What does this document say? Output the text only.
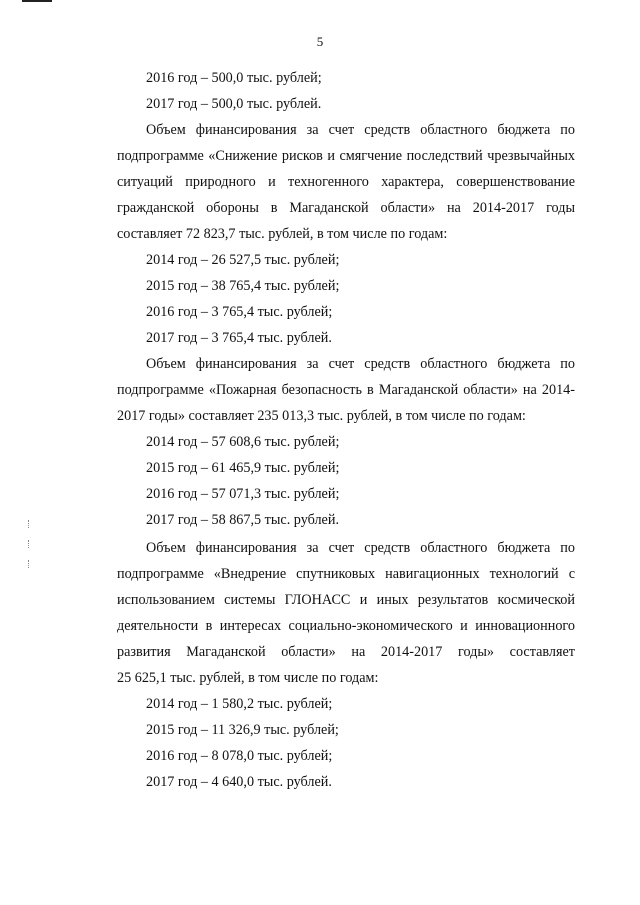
5
2016 год – 500,0 тыс. рублей;
2017 год – 500,0 тыс. рублей.
Объем финансирования за счет средств областного бюджета по
подпрограмме «Снижение рисков и смягчение последствий чрезвычайных
ситуаций природного и техногенного характера, совершенствование
гражданской обороны в Магаданской области» на 2014-2017 годы
составляет 72 823,7 тыс. рублей, в том числе по годам:
2014 год – 26 527,5 тыс. рублей;
2015 год – 38 765,4 тыс. рублей;
2016 год – 3 765,4 тыс. рублей;
2017 год – 3 765,4 тыс. рублей.
Объем финансирования за счет средств областного бюджета по
подпрограмме «Пожарная безопасность в Магаданской области» на 2014-
2017 годы» составляет 235 013,3 тыс. рублей, в том числе по годам:
2014 год – 57 608,6 тыс. рублей;
2015 год – 61 465,9 тыс. рублей;
2016 год – 57 071,3 тыс. рублей;
2017 год – 58 867,5 тыс. рублей.
Объем финансирования за счет средств областного бюджета по
подпрограмме «Внедрение спутниковых навигационных технологий с
использованием системы ГЛОНАСС и иных результатов космической
деятельности в интересах социально-экономического и инновационного
развития Магаданской области» на 2014-2017 годы» составляет
25 625,1 тыс. рублей, в том числе по годам:
2014 год – 1 580,2 тыс. рублей;
2015 год – 11 326,9 тыс. рублей;
2016 год – 8 078,0 тыс. рублей;
2017 год – 4 640,0 тыс. рублей.
